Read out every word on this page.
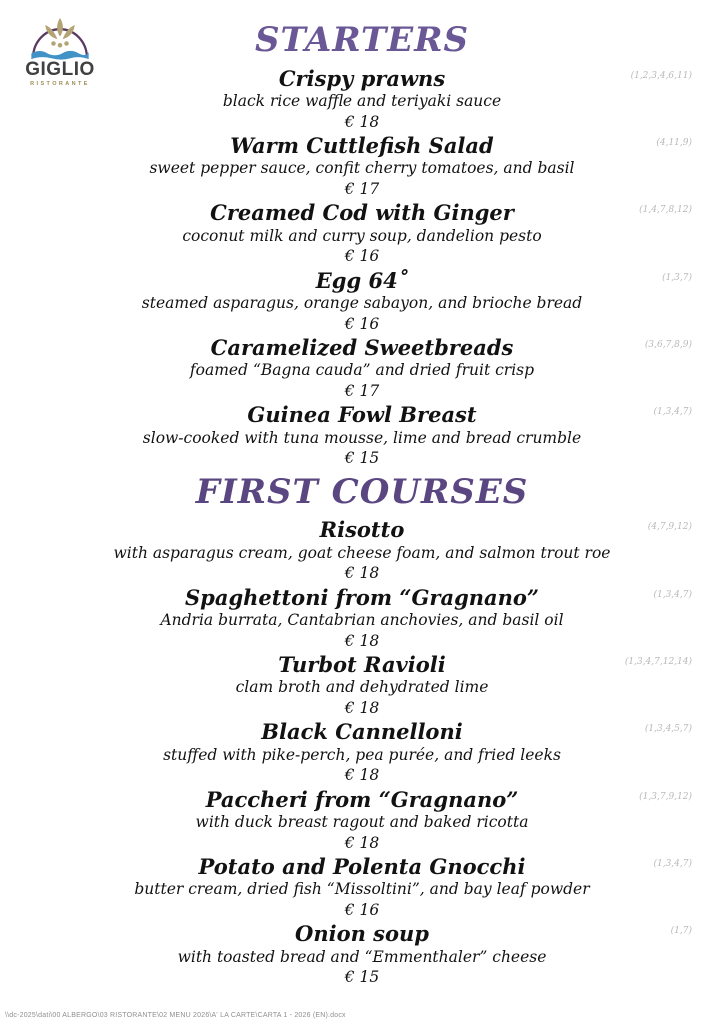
GIGLIO
RISTORANTE
STARTERS
Crispy prawns	(1,2,3,4,6,11)
black rice waffle and teriyaki sauce
€ 18
Warm Cuttlefish Salad	(4,11,9)
sweet pepper sauce, confit cherry tomatoes, and basil
€ 17
Creamed Cod with Ginger	(1,4,7,8,12)
coconut milk and curry soup, dandelion pesto
€ 16
Egg 64˚	(1,3,7)
steamed asparagus, orange sabayon, and brioche bread
€ 16
Caramelized Sweetbreads	(3,6,7,8,9)
foamed “Bagna cauda” and dried fruit crisp
€ 17
Guinea Fowl Breast	(1,3,4,7)
slow-cooked with tuna mousse, lime and bread crumble
€ 15
FIRST COURSES
Risotto	(4,7,9,12)
with asparagus cream, goat cheese foam, and salmon trout roe
€ 18
Spaghettoni from “Gragnano”	(1,3,4,7)
Andria burrata, Cantabrian anchovies, and basil oil
€ 18
Turbot Ravioli	(1,3,4,7,12,14)
clam broth and dehydrated lime
€ 18
Black Cannelloni	(1,3,4,5,7)
stuffed with pike-perch, pea purée, and fried leeks
€ 18
Paccheri from “Gragnano”	(1,3,7,9,12)
with duck breast ragout and baked ricotta
€ 18
Potato and Polenta Gnocchi	(1,3,4,7)
butter cream, dried fish “Missoltini”, and bay leaf powder
€ 16
Onion soup	(1,7)
with toasted bread and “Emmenthaler” cheese
€ 15
\\dc-2025\dati\00 ALBERGO\03 RISTORANTE\02 MENU 2026\A' LA CARTE\CARTA 1 - 2026 (EN).docx
